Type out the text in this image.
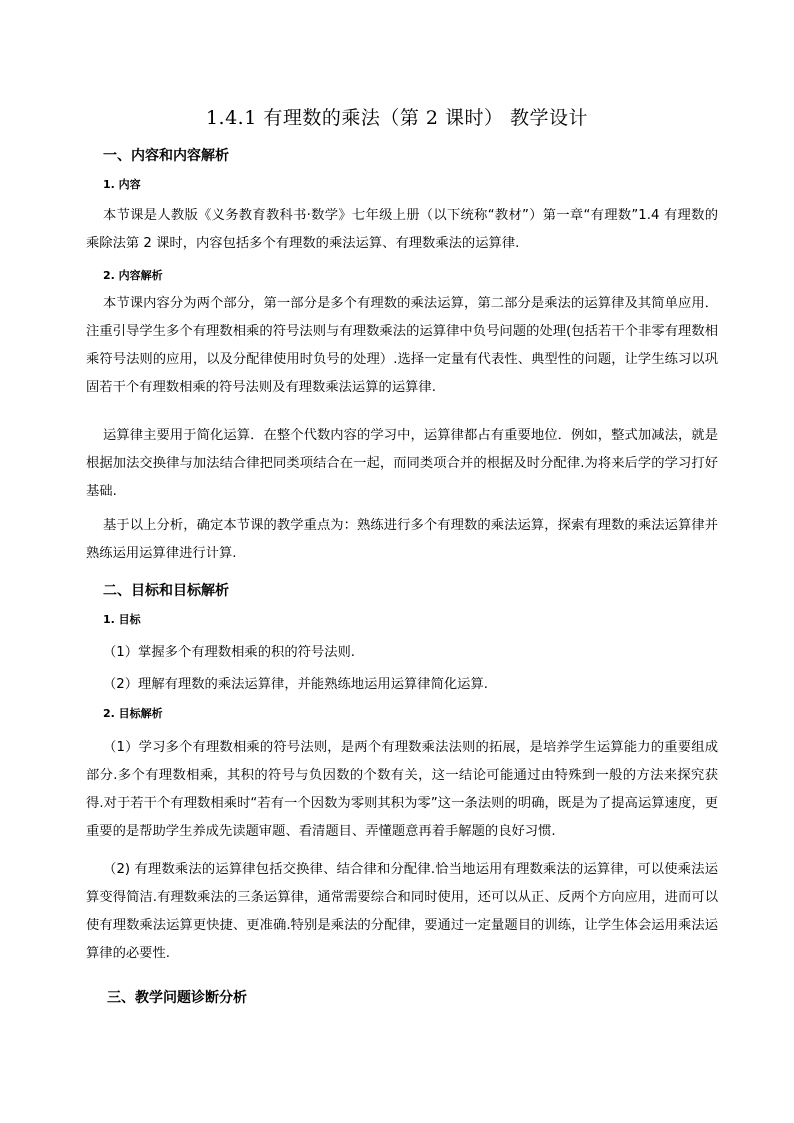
1.4.1 有理数的乘法（第 2 课时） 教学设计
一、内容和内容解析
1. 内容

本节课是人教版《义务教育教科书·数学》七年级上册（以下统称“教材”）第一章“有理数”1.4 有理数的乘除法第 2 课时，内容包括多个有理数的乘法运算、有理数乘法的运算律.

2. 内容解析

本节课内容分为两个部分，第一部分是多个有理数的乘法运算，第二部分是乘法的运算律及其简单应用．注重引导学生多个有理数相乘的符号法则与有理数乘法的运算律中负号问题的处理(包括若干个非零有理数相乘符号法则的应用，以及分配律使用时负号的处理）.选择一定量有代表性、典型性的问题，让学生练习以巩固若干个有理数相乘的符号法则及有理数乘法运算的运算律.

运算律主要用于简化运算．在整个代数内容的学习中，运算律都占有重要地位．例如，整式加减法，就是根据加法交换律与加法结合律把同类项结合在一起，而同类项合并的根据及时分配律.为将来后学的学习打好基础.

基于以上分析，确定本节课的教学重点为：熟练进行多个有理数的乘法运算，探索有理数的乘法运算律并熟练运用运算律进行计算.

二、目标和目标解析
1. 目标
（1）掌握多个有理数相乘的积的符号法则.
（2）理解有理数的乘法运算律，并能熟练地运用运算律简化运算.
2. 目标解析

（1）学习多个有理数相乘的符号法则，是两个有理数乘法法则的拓展，是培养学生运算能力的重要组成部分.多个有理数相乘，其积的符号与负因数的个数有关，这一结论可能通过由特殊到一般的方法来探究获得.对于若干个有理数相乘时“若有一个因数为零则其积为零”这一条法则的明确，既是为了提高运算速度，更重要的是帮助学生养成先读题审题、看清题目、弄懂题意再着手解题的良好习惯.

（2) 有理数乘法的运算律包括交换律、结合律和分配律.恰当地运用有理数乘法的运算律，可以使乘法运算变得简洁.有理数乘法的三条运算律，通常需要综合和同时使用，还可以从正、反两个方向应用，进而可以使有理数乘法运算更快捷、更准确.特别是乘法的分配律，要通过一定量题目的训练，让学生体会运用乘法运算律的必要性.

三、教学问题诊断分析
